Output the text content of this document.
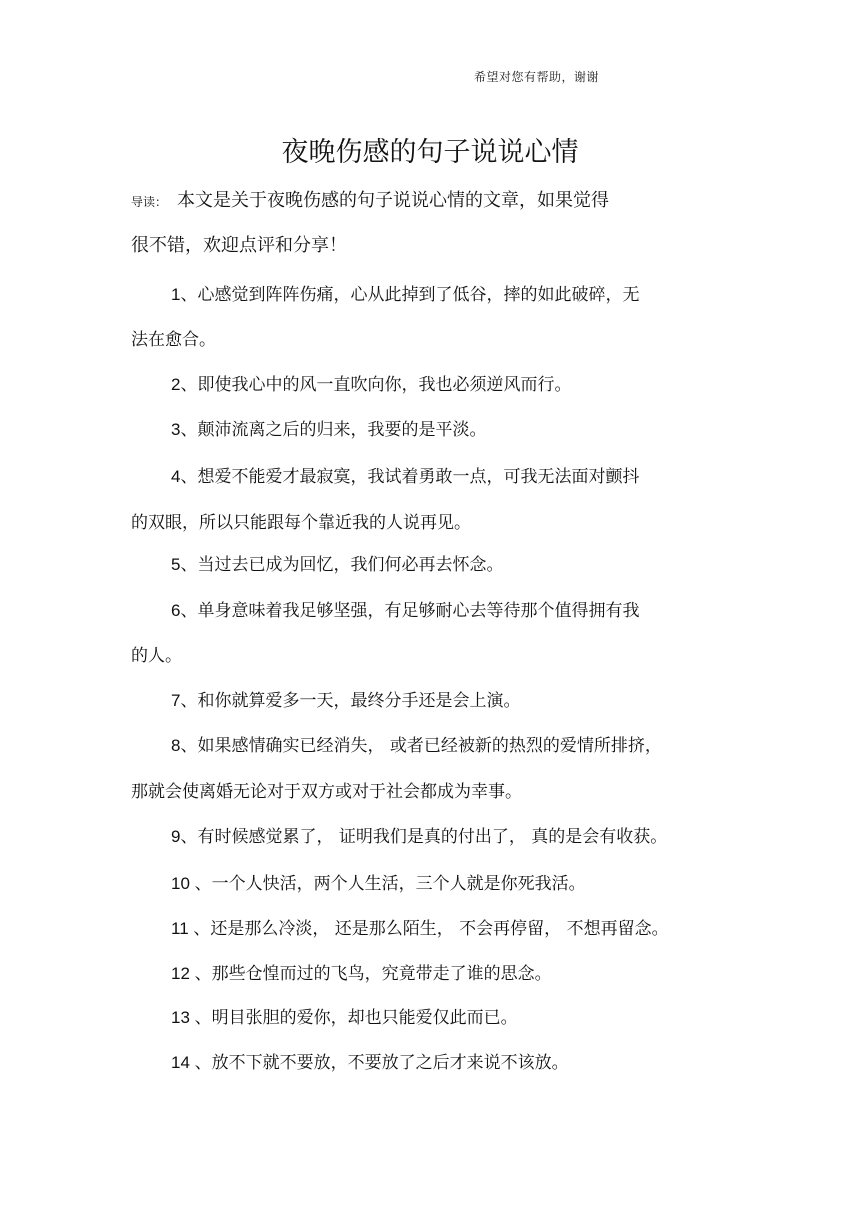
希望对您有帮助，谢谢
夜晚伤感的句子说说心情
导读： 本文是关于夜晚伤感的句子说说心情的文章，如果觉得
很不错，欢迎点评和分享！
1、心感觉到阵阵伤痛，心从此掉到了低谷，摔的如此破碎，无
法在愈合。
2、即使我心中的风一直吹向你，我也必须逆风而行。
3、颠沛流离之后的归来，我要的是平淡。
4、想爱不能爱才最寂寞，我试着勇敢一点，可我无法面对颤抖
的双眼，所以只能跟每个靠近我的人说再见。
5、当过去已成为回忆，我们何必再去怀念。
6、单身意味着我足够坚强，有足够耐心去等待那个值得拥有我
的人。
7、和你就算爱多一天，最终分手还是会上演。
8、如果感情确实已经消失， 或者已经被新的热烈的爱情所排挤，
那就会使离婚无论对于双方或对于社会都成为幸事。
9、有时候感觉累了， 证明我们是真的付出了， 真的是会有收获。
10 、一个人快活，两个人生活，三个人就是你死我活。
11 、还是那么冷淡， 还是那么陌生， 不会再停留， 不想再留念。
12 、那些仓惶而过的飞鸟，究竟带走了谁的思念。
13 、明目张胆的爱你，却也只能爱仅此而已。
14 、放不下就不要放，不要放了之后才来说不该放。
